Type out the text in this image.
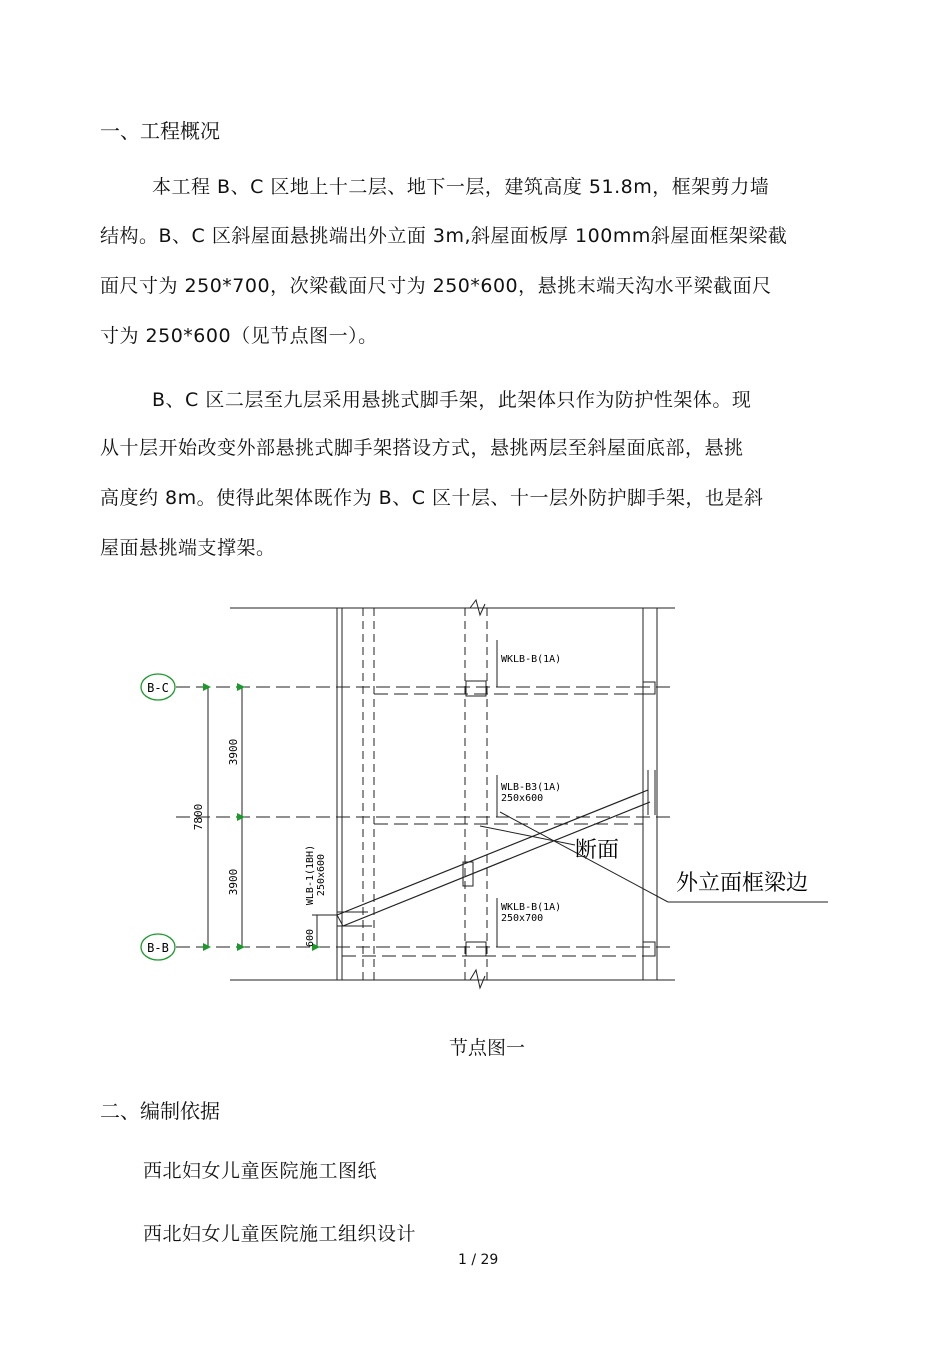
一、工程概况
本工程 B、C 区地上十二层、地下一层，建筑高度 51.8m，框架剪力墙
结构。B、C 区斜屋面悬挑端出外立面 3m,斜屋面板厚 100mm斜屋面框架梁截
面尺寸为 250*700，次梁截面尺寸为 250*600，悬挑末端天沟水平梁截面尺
寸为 250*600（见节点图一）。
B、C 区二层至九层采用悬挑式脚手架，此架体只作为防护性架体。现
从十层开始改变外部悬挑式脚手架搭设方式，悬挑两层至斜屋面底部，悬挑
高度约 8m。使得此架体既作为 B、C 区十层、十一层外防护脚手架，也是斜
屋面悬挑端支撑架。
B-C
B-B
7800
3900
3900
600
WKLB-B(1A)
WLB-B3(1A)
250x600
WKLB-B(1A)
250x700
WLB-1(1BH) 250x600
断面
外立面框梁边
节点图一
二、编制依据
西北妇女儿童医院施工图纸
西北妇女儿童医院施工组织设计
1 / 29
